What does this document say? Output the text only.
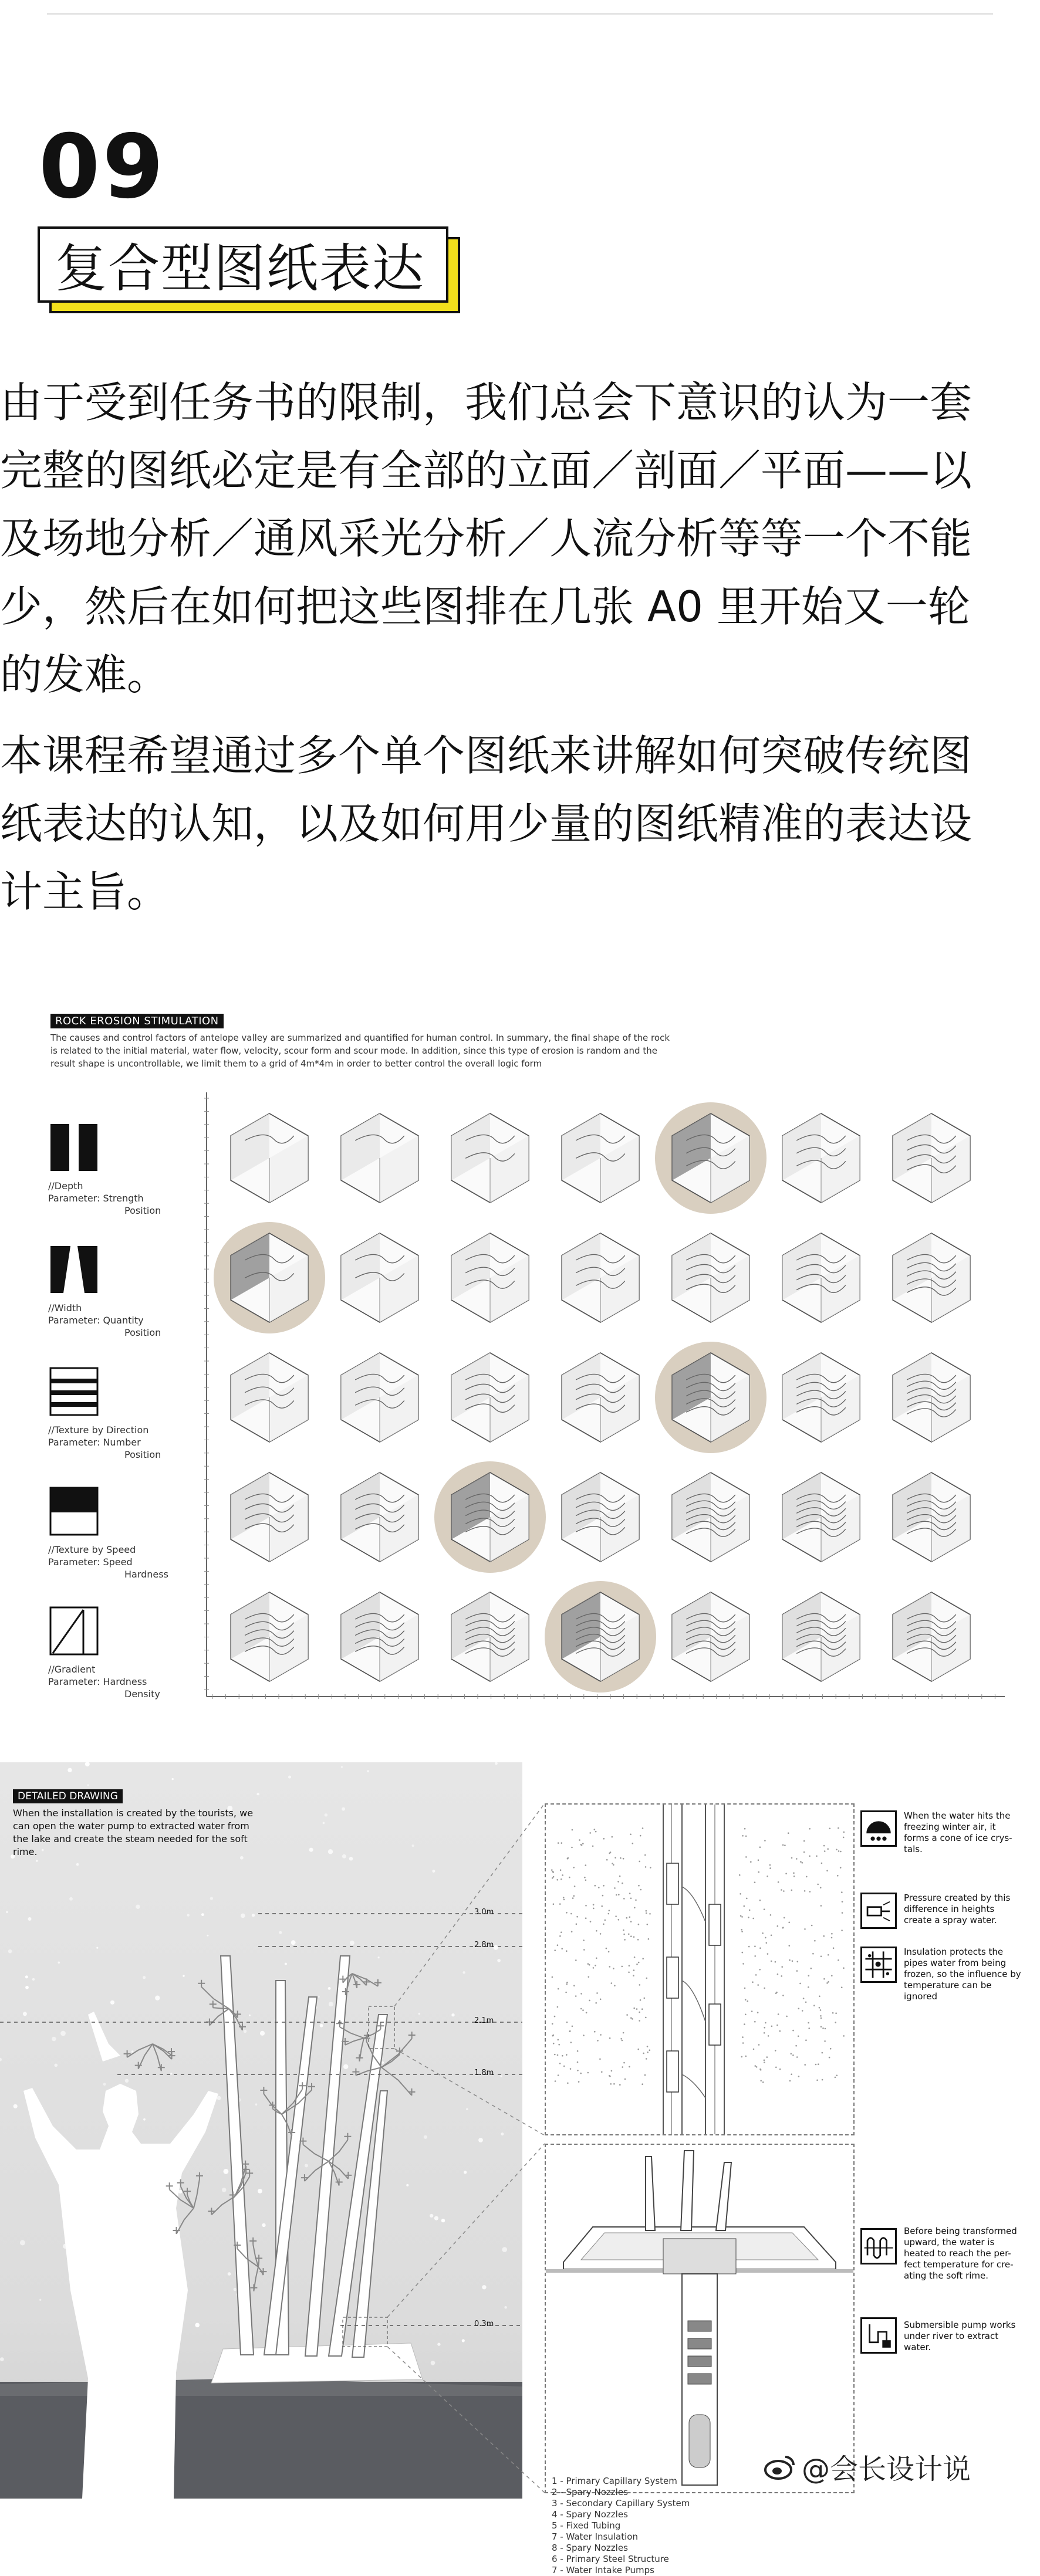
09
复合型图纸表达
由于受到任务书的限制，我们总会下意识的认为一套
完整的图纸必定是有全部的立面／剖面／平面——以
及场地分析／通风采光分析／人流分析等等一个不能
少，然后在如何把这些图排在几张 A0 里开始又一轮
的发难。
本课程希望通过多个单个图纸来讲解如何突破传统图
纸表达的认知，以及如何用少量的图纸精准的表达设
计主旨。
ROCK EROSION STIMULATION
The causes and control factors of antelope valley are summarized and quantified for human control. In summary, the final shape of the rock is related to the initial material, water flow, velocity, scour form and scour mode. In addition, since this type of erosion is random and the result shape is uncontrollable, we limit them to a grid of 4m*4m in order to better control the overall logic form
//Depth
Parameter: Strength
Position
//Width
Parameter: Quantity
Position
//Texture by Direction
Parameter: Number
Position
//Texture by Speed
Parameter: Speed
Hardness
//Gradient
Parameter: Hardness
Density
DETAILED DRAWING
When the installation is created by the tourists, we can open the water pump to extracted water from the lake and create the steam needed for the soft rime.
3.0m
2.8m
2.1m
1.8m
0.3m
1 - Primary Capillary System
2 - Spary Nozzles
3 - Secondary Capillary System
4 - Spary Nozzles
5 - Fixed Tubing
7 - Water Insulation
8 - Spary Nozzles
6 - Primary Steel Structure
7 - Water Intake Pumps
When the water hits the freezing winter air, it forms a cone of ice crys-tals.
Pressure created by this difference in heights create a spray water.
Insulation protects the pipes water from being frozen, so the influence by temperature can be ignored
Before being transformed upward, the water is heated to reach the per-fect temperature for cre-ating the soft rime.
Submersible pump works under river to extract water.
@会长设计说
